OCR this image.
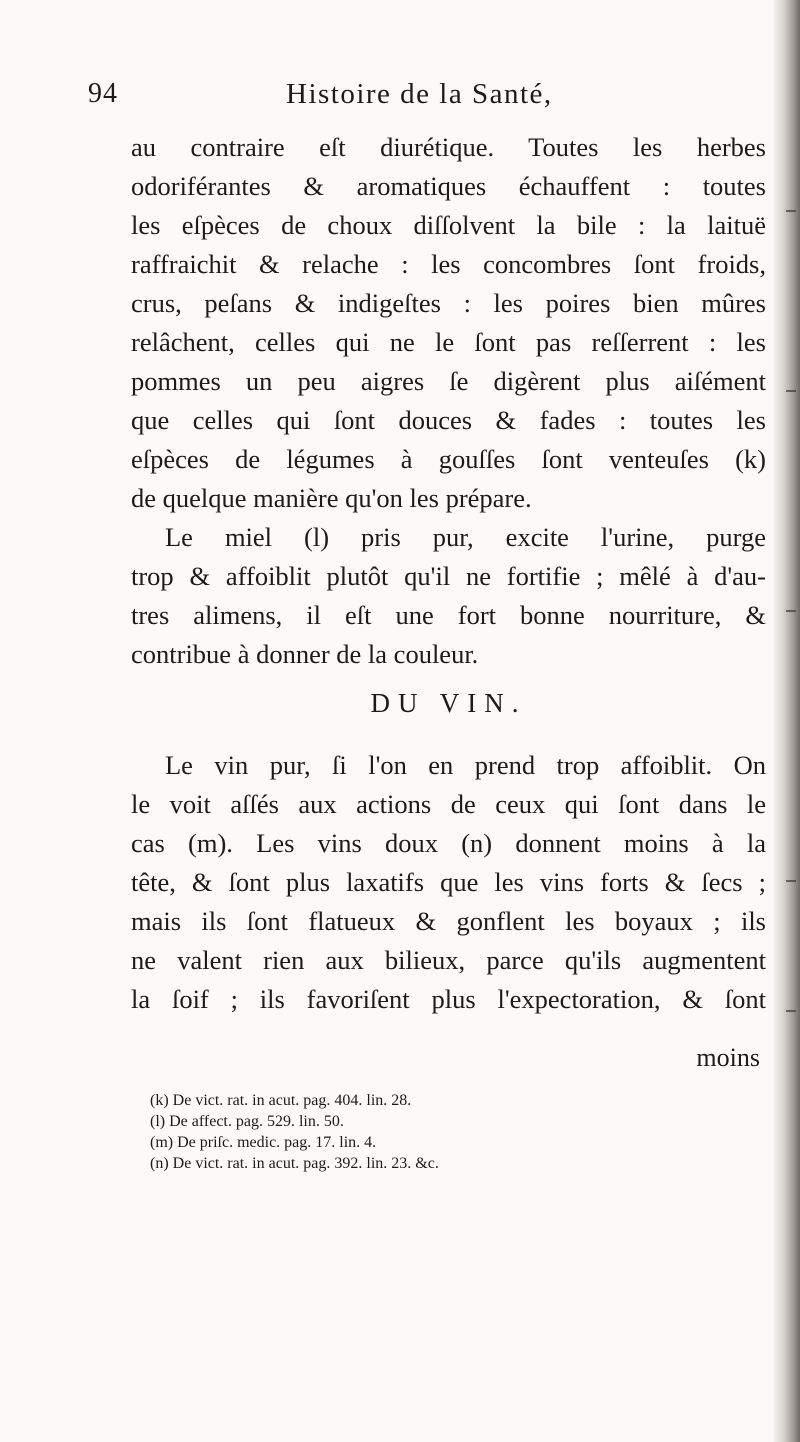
94	Histoire de la Santé,
au contraire eſt diurétique. Toutes les herbes
odoriférantes & aromatiques échauffent : toutes
les eſpèces de choux diſſolvent la bile : la laituë
raffraichit & relache : les concombres ſont froids,
crus, peſans & indigeſtes : les poires bien mûres
relâchent, celles qui ne le ſont pas reſſerrent : les
pommes un peu aigres ſe digèrent plus aiſément
que celles qui ſont douces & fades : toutes les
eſpèces de légumes à gouſſes ſont venteuſes (k)
de quelque manière qu'on les prépare.
Le miel (l) pris pur, excite l'urine, purge
trop & affoiblit plutôt qu'il ne fortifie ; mêlé à d'au-
tres alimens, il eſt une fort bonne nourriture, &
contribue à donner de la couleur.
DU VIN.
Le vin pur, ſi l'on en prend trop affoiblit. On
le voit aſſés aux actions de ceux qui ſont dans le
cas (m). Les vins doux (n) donnent moins à la
tête, & ſont plus laxatifs que les vins forts & ſecs ;
mais ils ſont flatueux & gonflent les boyaux ; ils
ne valent rien aux bilieux, parce qu'ils augmentent
la ſoif ; ils favoriſent plus l'expectoration, & ſont
moins
(k) De vict. rat. in acut. pag. 404. lin. 28.
(l) De affect. pag. 529. lin. 50.
(m) De priſc. medic. pag. 17. lin. 4.
(n) De vict. rat. in acut. pag. 392. lin. 23. &c.
